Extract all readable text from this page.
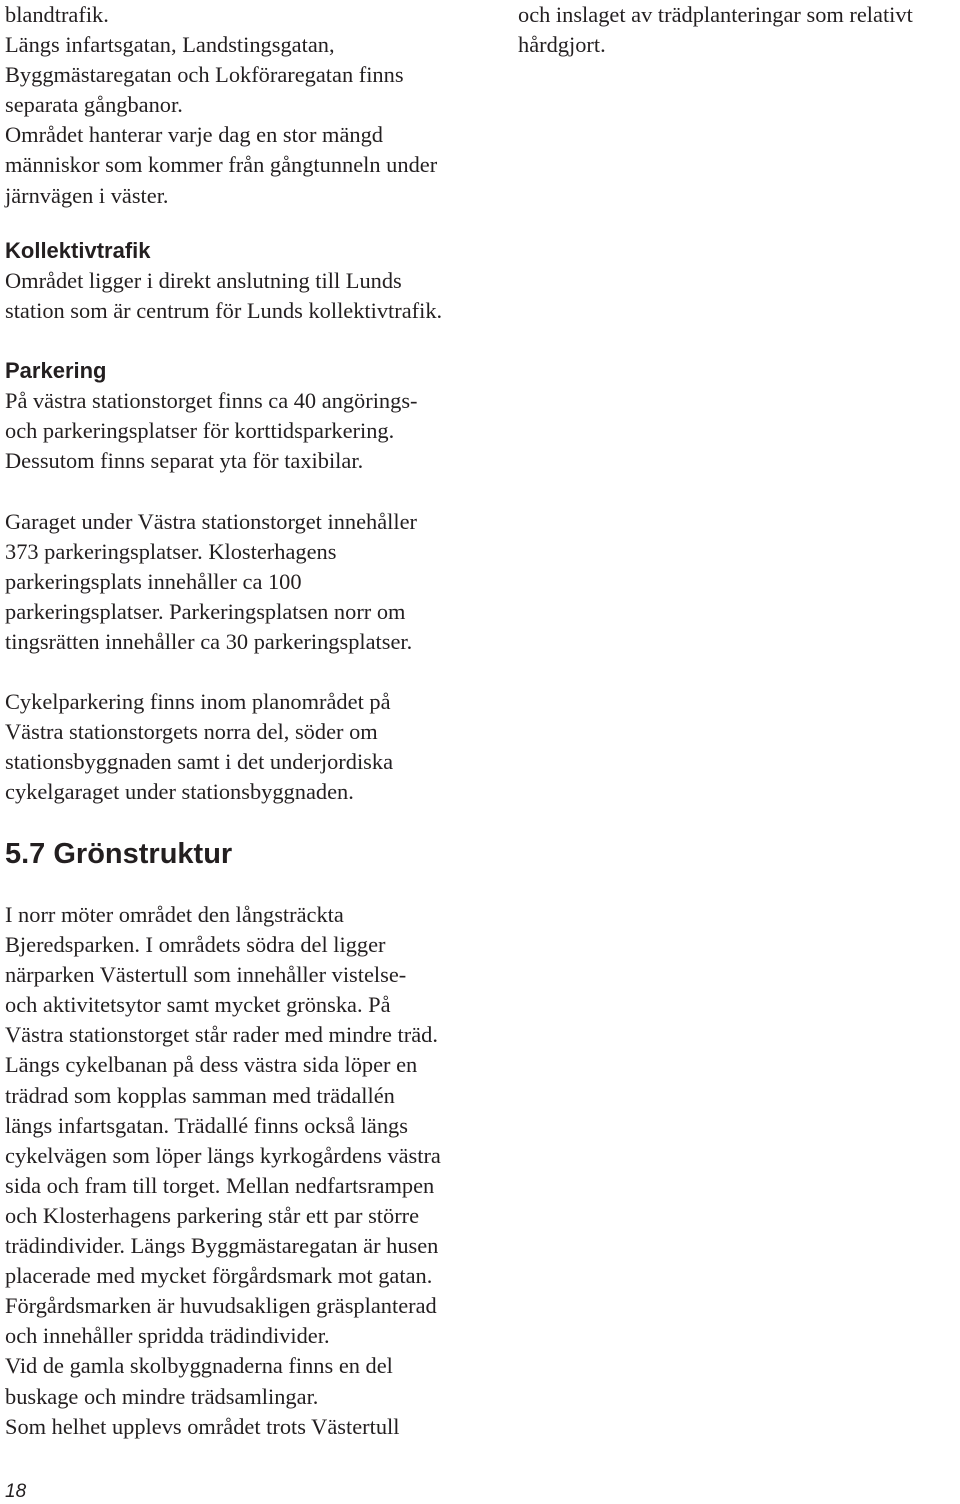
blandtrafik.
Längs infartsgatan, Landstingsgatan,
Byggmästaregatan och Lokföraregatan finns
separata gångbanor.
Området hanterar varje dag en stor mängd
människor som kommer från gångtunneln under
järnvägen i väster.
Kollektivtrafik
Området ligger i direkt anslutning till Lunds
station som är centrum för Lunds kollektivtrafik.
Parkering
På västra stationstorget finns ca 40 angörings-
och parkeringsplatser för korttidsparkering.
Dessutom finns separat yta för taxibilar.
Garaget under Västra stationstorget innehåller
373 parkeringsplatser. Klosterhagens
parkeringsplats innehåller ca 100
parkeringsplatser. Parkeringsplatsen norr om
tingsrätten innehåller ca 30 parkeringsplatser.
Cykelparkering finns inom planområdet på
Västra stationstorgets norra del, söder om
stationsbyggnaden samt i det underjordiska
cykelgaraget under stationsbyggnaden.
5.7 Grönstruktur
I norr möter området den långsträckta
Bjeredsparken. I områdets södra del ligger
närparken Västertull som innehåller vistelse-
och aktivitetsytor samt mycket grönska. På
Västra stationstorget står rader med mindre träd.
Längs cykelbanan på dess västra sida löper en
trädrad som kopplas samman med trädallén
längs infartsgatan. Trädallé finns också längs
cykelvägen som löper längs kyrkogårdens västra
sida och fram till torget. Mellan nedfartsrampen
och Klosterhagens parkering står ett par större
trädindivider. Längs Byggmästaregatan är husen
placerade med mycket förgårdsmark mot gatan.
Förgårdsmarken är huvudsakligen gräsplanterad
och innehåller spridda trädindivider.
Vid de gamla skolbyggnaderna finns en del
buskage och mindre trädsamlingar.
Som helhet upplevs området trots Västertull
och inslaget av trädplanteringar som relativt
hårdgjort.
18
